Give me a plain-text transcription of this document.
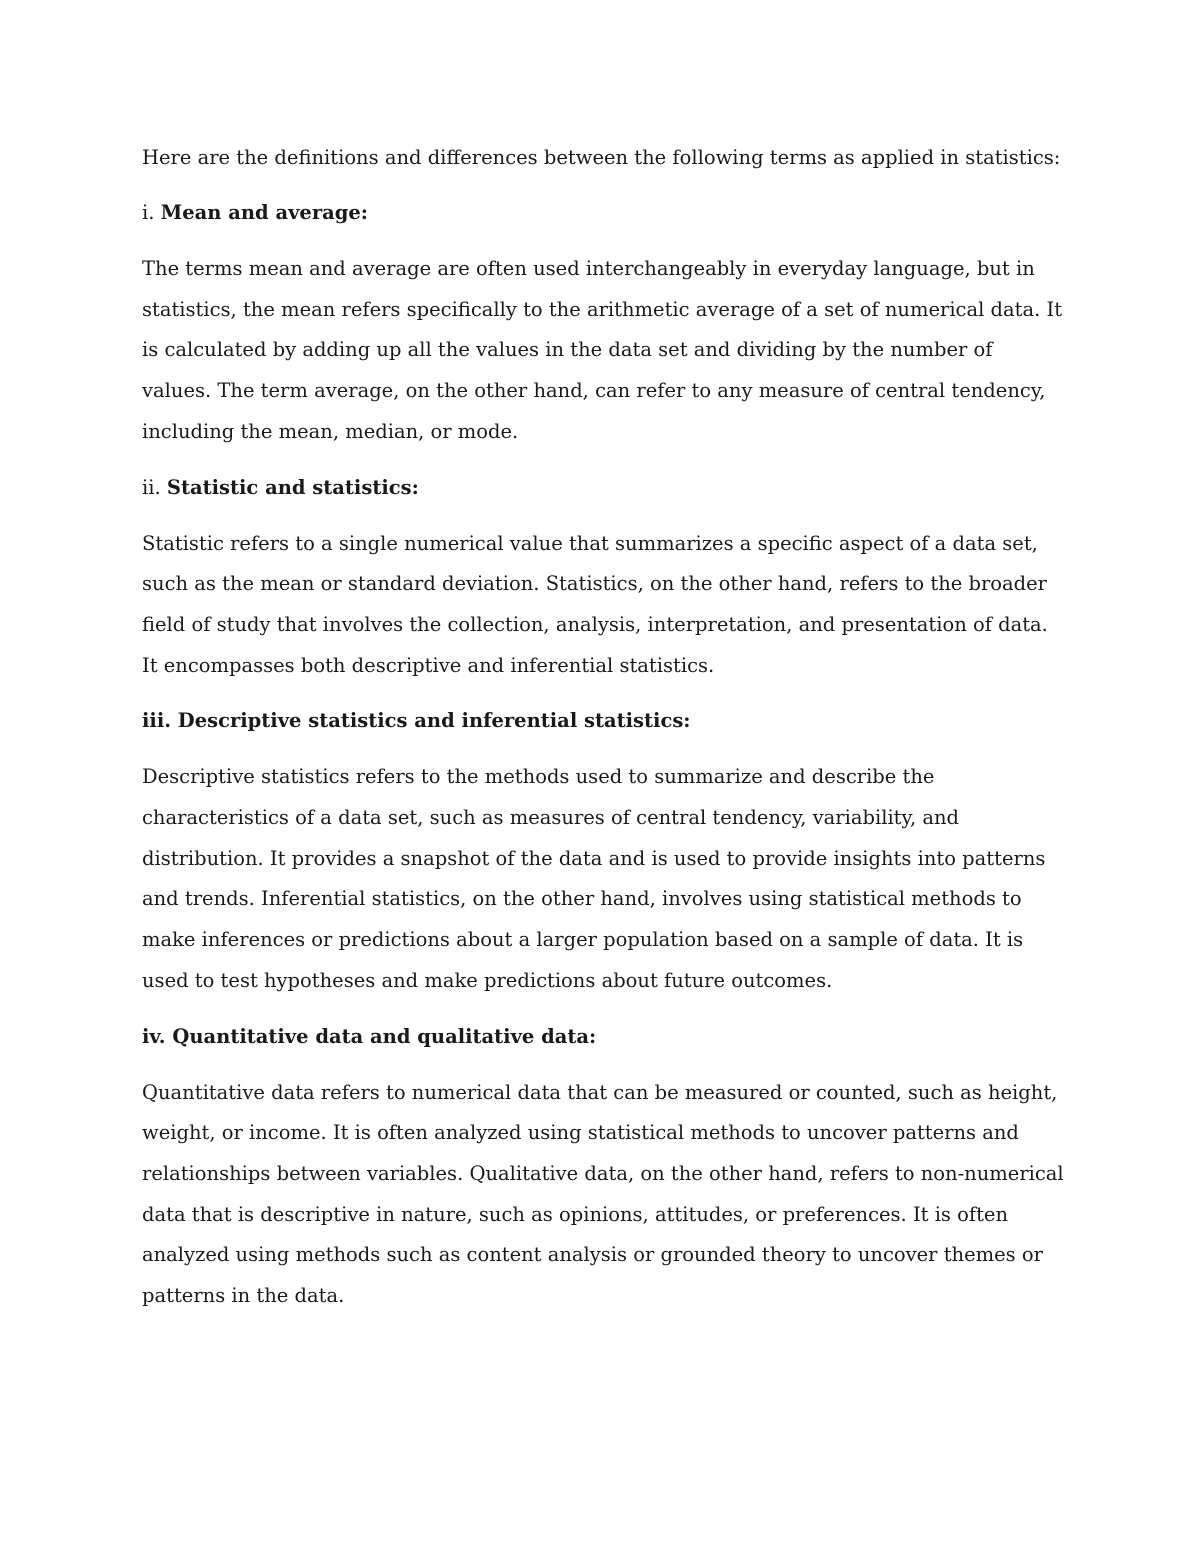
Here are the definitions and differences between the following terms as applied in statistics:

i. Mean and average:

The terms mean and average are often used interchangeably in everyday language, but in statistics, the mean refers specifically to the arithmetic average of a set of numerical data. It is calculated by adding up all the values in the data set and dividing by the number of values. The term average, on the other hand, can refer to any measure of central tendency, including the mean, median, or mode.

ii. Statistic and statistics:

Statistic refers to a single numerical value that summarizes a specific aspect of a data set, such as the mean or standard deviation. Statistics, on the other hand, refers to the broader field of study that involves the collection, analysis, interpretation, and presentation of data. It encompasses both descriptive and inferential statistics.

iii. Descriptive statistics and inferential statistics:

Descriptive statistics refers to the methods used to summarize and describe the characteristics of a data set, such as measures of central tendency, variability, and distribution. It provides a snapshot of the data and is used to provide insights into patterns and trends. Inferential statistics, on the other hand, involves using statistical methods to make inferences or predictions about a larger population based on a sample of data. It is used to test hypotheses and make predictions about future outcomes.

iv. Quantitative data and qualitative data:

Quantitative data refers to numerical data that can be measured or counted, such as height, weight, or income. It is often analyzed using statistical methods to uncover patterns and relationships between variables. Qualitative data, on the other hand, refers to non-numerical data that is descriptive in nature, such as opinions, attitudes, or preferences. It is often analyzed using methods such as content analysis or grounded theory to uncover themes or patterns in the data.
